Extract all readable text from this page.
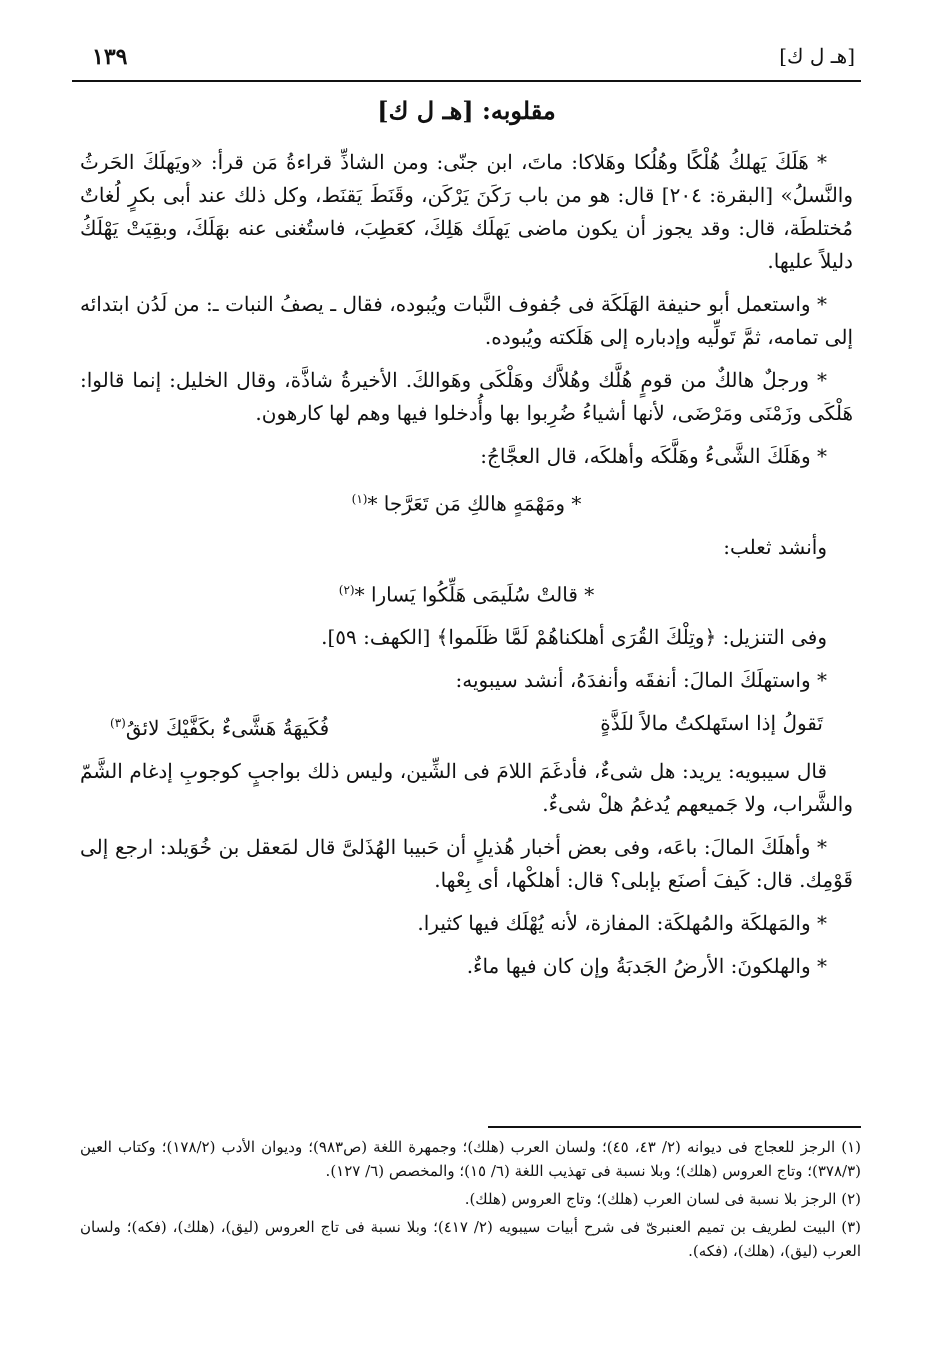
[هـ ل ك]
١٣٩
مقلوبه: [هـ ل ك]

* هَلَكَ يَهلكُ هُلْكًا وهُلُكا وهَلاكا: ماتَ، ابن جنّى: ومن الشاذِّ قراءةُ مَن قرأ: «ويَهلَكَ الحَرثُ والنَّسلُ» [البقرة: ٢٠٤] قال: هو من باب رَكَنَ يَرْكَن، وقَنَطَ يَقنَط، وكل ذلك عند أبى بكرٍ لُغاتٌ مُختلطَة، قال: وقد يجوز أن يكون ماضى يَهلَك هَلِكَ، كعَطِبَ، فاستُغنى عنه بهَلَكَ، وبقِيَتْ يَهْلَكُ دليلاً عليها.

* واستعمل أبو حنيفة الهَلَكَة فى جُفوف النَّبات ويُبوده، فقال ـ يصفُ النبات ـ: من لَدُن ابتدائه إلى تمامه، ثمَّ تَولِّيه وإدباره إلى هَلَكته ويُبوده.

* ورجلٌ هالكٌ من قومٍ هُلَّك وهُلاَّك وهَلْكَى وهَوالكَ. الأخيرةُ شاذَّة، وقال الخليل: إنما قالوا: هَلْكَى وزَمْنَى ومَرْضَى، لأنها أشياءُ ضُرِبوا بها وأُدخلوا فيها وهم لها كارهون.

* وهَلَكَ الشَّىءُ وهَلَّكَه وأهلكَه، قال العجَّاجُ:

* ومَهْمَهٍ هالكِ مَن تَعَرَّجا *$^{(١)}$

وأنشد ثعلب:

* قالتْ سُلَيمَى هَلِّكُوا يَسارا *$^{(٢)}$

وفى التنزيل: ﴿وتِلْكَ القُرَى أهلكناهُمْ لَمَّا ظَلَموا﴾ [الكهف: ٥٩].

* واستهلَكَ المالَ: أنفقَه وأنفدَهُ، أنشد سيبويه:

تَقولُ إذا استَهلكتُ مالاً للَذَّةٍ
فُكَيهَةُ هَشَّىءٌ بكَفَّيْكَ لائقُ$^{(٣)}$

قال سيبويه: يريد: هل شىءٌ، فأدغَمَ اللامَ فى الشِّين، وليس ذلك بواجبٍ كوجوبِ إدغام الشَّمّ والشَّراب، ولا جَميعهم يُدغمُ هلْ شىءٌ.

* وأهلَكَ المالَ: باعَه، وفى بعض أخبار هُذيلٍ أن حَبيبا الهُذَلىَّ قال لمَعقل بن خُوَيلد: ارجع إلى قَوْمِك. قال: كَيفَ أصنَع بإبلى؟ قال: أهلكْها، أى بِعْها.

* والمَهلكَة والمُهلكَة: المفازة، لأنه يُهْلَك فيها كثيرا.

* والهلكونَ: الأرضُ الجَدبَةُ وإن كان فيها ماءٌ.

(١) الرجز للعجاج فى ديوانه (٢/ ٤٣، ٤٥)؛ ولسان العرب (هلك)؛ وجمهرة اللغة (ص٩٨٣)؛ وديوان الأدب (١٧٨/٢)؛ وكتاب العين (٣٧٨/٣)؛ وتاج العروس (هلك)؛ وبلا نسبة فى تهذيب اللغة (٦/ ١٥)؛ والمخصص (٦/ ١٢٧).

(٢) الرجز بلا نسبة فى لسان العرب (هلك)؛ وتاج العروس (هلك).

(٣) البيت لطريف بن تميم العنبرىّ فى شرح أبيات سيبويه (٢/ ٤١٧)؛ وبلا نسبة فى تاج العروس (ليق)، (هلك)، (فكه)؛ ولسان العرب (ليق)، (هلك)، (فكه).
